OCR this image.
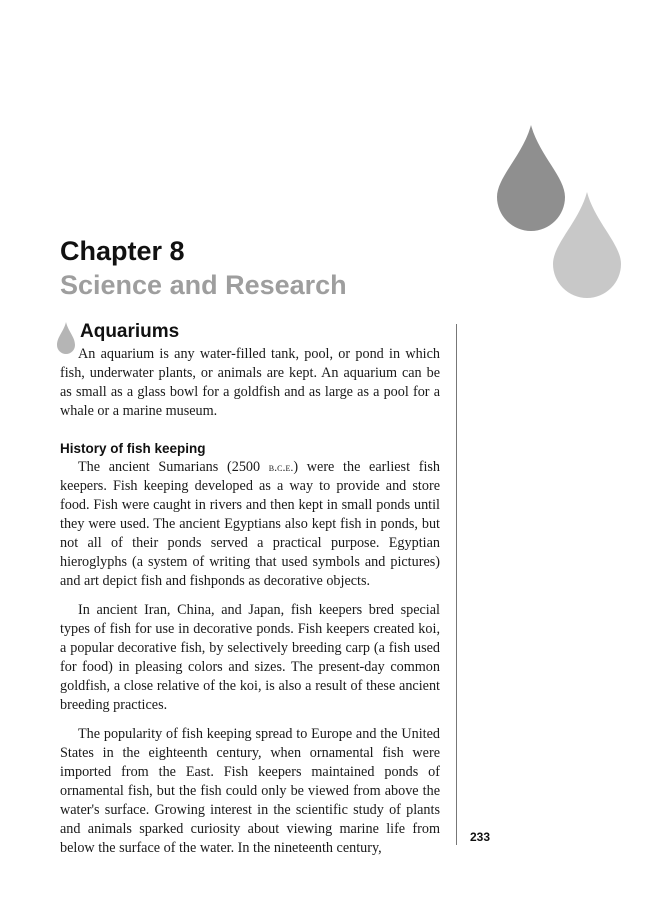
Chapter 8
Science and Research
Aquariums

An aquarium is any water-filled tank, pool, or pond in which fish, underwater plants, or animals are kept. An aquarium can be as small as a glass bowl for a goldfish and as large as a pool for a whale or a marine museum.

History of fish keeping

The ancient Sumarians (2500 b.c.e.) were the earliest fish keepers. Fish keeping developed as a way to provide and store food. Fish were caught in rivers and then kept in small ponds until they were used. The ancient Egyptians also kept fish in ponds, but not all of their ponds served a practical purpose. Egyptian hieroglyphs (a system of writing that used symbols and pictures) and art depict fish and fishponds as decorative objects.

In ancient Iran, China, and Japan, fish keepers bred special types of fish for use in decorative ponds. Fish keepers created koi, a popular decorative fish, by selectively breeding carp (a fish used for food) in pleasing colors and sizes. The present-day common goldfish, a close relative of the koi, is also a result of these ancient breeding practices.

The popularity of fish keeping spread to Europe and the United States in the eighteenth century, when ornamental fish were imported from the East. Fish keepers maintained ponds of ornamental fish, but the fish could only be viewed from above the water's surface. Growing interest in the scientific study of plants and animals sparked curiosity about viewing marine life from below the surface of the water. In the nineteenth century,

233
